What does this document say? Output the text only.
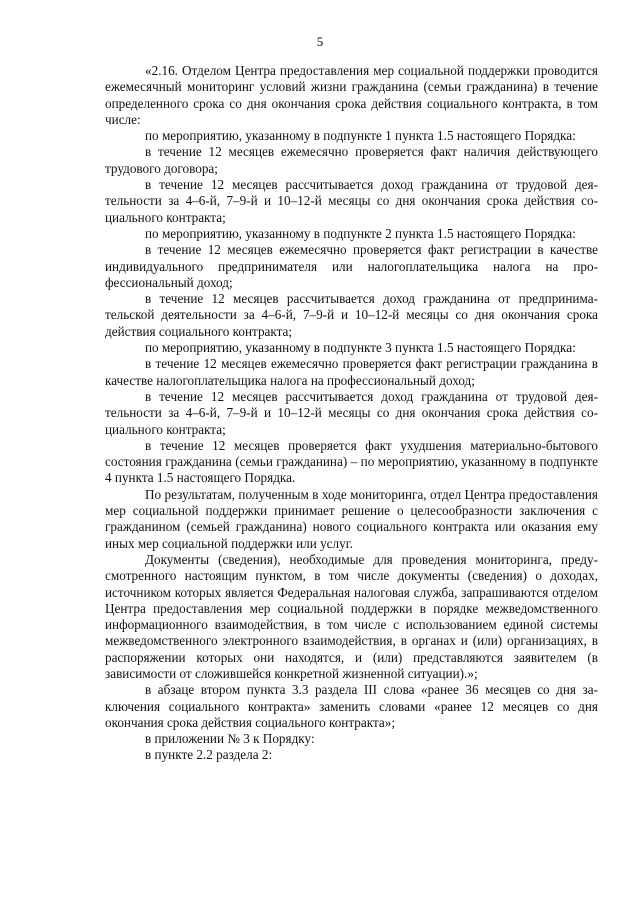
5

«2.16. Отделом Центра предоставления мер социальной поддержки проводится ежемесячный мониторинг условий жизни гражданина (семьи гражданина) в течение определенного срока со дня окончания срока действия социального контракта, в том числе:

по мероприятию, указанному в подпункте 1 пункта 1.5 настоящего Порядка:

в течение 12 месяцев ежемесячно проверяется факт наличия действующего трудового договора;

в течение 12 месяцев рассчитывается доход гражданина от трудовой деятельности за 4–6-й, 7–9-й и 10–12-й месяцы со дня окончания срока действия социального контракта;

по мероприятию, указанному в подпункте 2 пункта 1.5 настоящего Порядка:

в течение 12 месяцев ежемесячно проверяется факт регистрации в качестве индивидуального предпринимателя или налогоплательщика налога на профессиональный доход;

в течение 12 месяцев рассчитывается доход гражданина от предпринимательской деятельности за 4–6-й, 7–9-й и 10–12-й месяцы со дня окончания срока действия социального контракта;

по мероприятию, указанному в подпункте 3 пункта 1.5 настоящего Порядка:

в течение 12 месяцев ежемесячно проверяется факт регистрации гражданина в качестве налогоплательщика налога на профессиональный доход;

в течение 12 месяцев рассчитывается доход гражданина от трудовой деятельности за 4–6-й, 7–9-й и 10–12-й месяцы со дня окончания срока действия социального контракта;

в течение 12 месяцев проверяется факт ухудшения материально-бытового состояния гражданина (семьи гражданина) – по мероприятию, указанному в подпункте 4 пункта 1.5 настоящего Порядка.

По результатам, полученным в ходе мониторинга, отдел Центра предоставления мер социальной поддержки принимает решение о целесообразности заключения с гражданином (семьей гражданина) нового социального контракта или оказания ему иных мер социальной поддержки или услуг.

Документы (сведения), необходимые для проведения мониторинга, предусмотренного настоящим пунктом, в том числе документы (сведения) о доходах, источником которых является Федеральная налоговая служба, запрашиваются отделом Центра предоставления мер социальной поддержки в порядке межведомственного информационного взаимодействия, в том числе с использованием единой системы межведомственного электронного взаимодействия, в органах и (или) организациях, в распоряжении которых они находятся, и (или) представляются заявителем (в зависимости от сложившейся конкретной жизненной ситуации).»;

в абзаце втором пункта 3.3 раздела III слова «ранее 36 месяцев со дня заключения социального контракта» заменить словами «ранее 12 месяцев со дня окончания срока действия социального контракта»;

в приложении № 3 к Порядку:

в пункте 2.2 раздела 2:
